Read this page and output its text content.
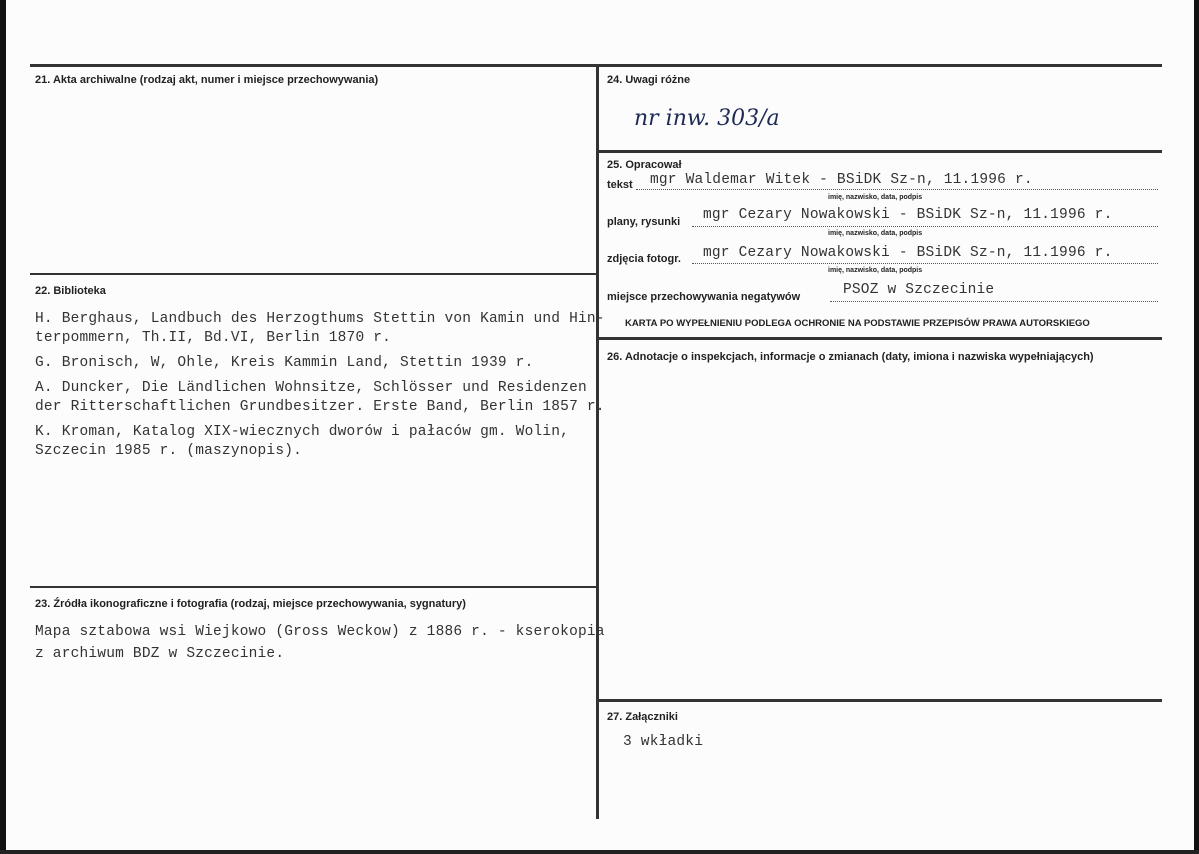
21. Akta archiwalne (rodzaj akt, numer i miejsce przechowywania)
22. Biblioteka
H. Berghaus, Landbuch des Herzogthums Stettin von Kamin und Hin-
terpommern, Th.II, Bd.VI, Berlin 1870 r.
G. Bronisch, W, Ohle, Kreis Kammin Land, Stettin 1939 r.
A. Duncker, Die Ländlichen Wohnsitze, Schlösser und Residenzen
der Ritterschaftlichen Grundbesitzer. Erste Band, Berlin 1857 r.
K. Kroman, Katalog XIX-wiecznych dworów i pałaców gm. Wolin,
Szczecin 1985 r. (maszynopis).
23. Źródła ikonograficzne i fotografia (rodzaj, miejsce przechowywania, sygnatury)
Mapa sztabowa wsi Wiejkowo (Gross Weckow) z 1886 r. - kserokopia
z archiwum BDZ w Szczecinie.
24. Uwagi różne
nr inw. 303/a
25. Opracował
tekst mgr Waldemar Witek - BSiDK Sz-n, 11.1996 r.
imię, nazwisko, data, podpis
plany, rysunki mgr Cezary Nowakowski - BSiDK Sz-n, 11.1996 r.
imię, nazwisko, data, podpis
zdjęcia fotogr. mgr Cezary Nowakowski - BSiDK Sz-n, 11.1996 r.
imię, nazwisko, data, podpis
miejsce przechowywania negatywów	PSOZ w Szczecinie
KARTA PO WYPEŁNIENIU PODLEGA OCHRONIE NA PODSTAWIE PRZEPISÓW PRAWA AUTORSKIEGO
26. Adnotacje o inspekcjach, informacje o zmianach (daty, imiona i nazwiska wypełniających)
27. Załączniki
3 wkładki
